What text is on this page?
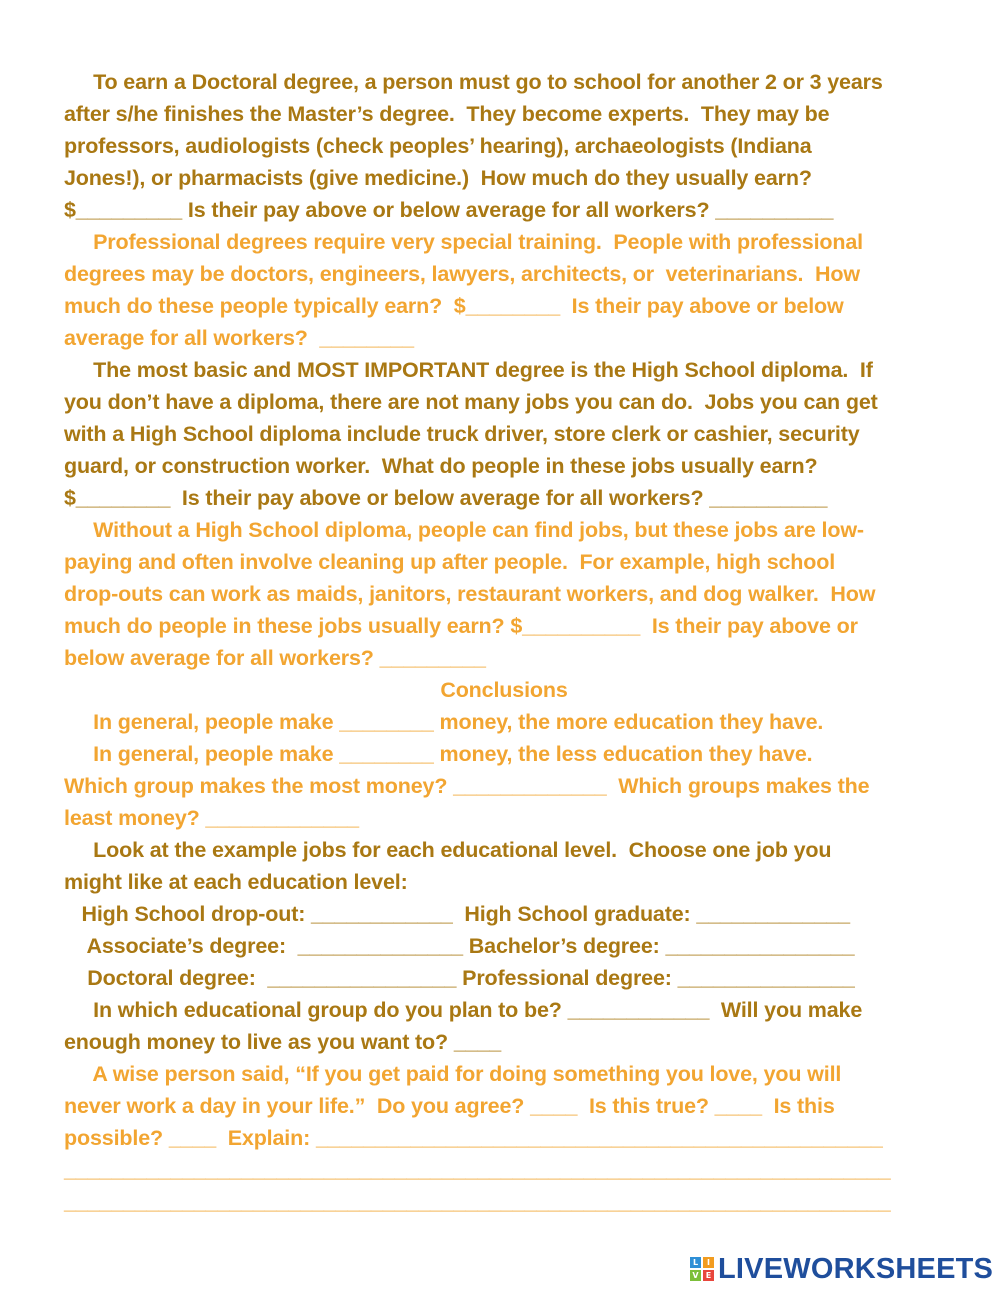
To earn a Doctoral degree, a person must go to school for another 2 or 3 years
after s/he finishes the Master’s degree.  They become experts.  They may be
professors, audiologists (check peoples’ hearing), archaeologists (Indiana
Jones!), or pharmacists (give medicine.)  How much do they usually earn?
$_________ Is their pay above or below average for all workers? __________
Professional degrees require very special training.  People with professional
degrees may be doctors, engineers, lawyers, architects, or  veterinarians.  How
much do these people typically earn?  $________  Is their pay above or below
average for all workers?  ________
The most basic and MOST IMPORTANT degree is the High School diploma.  If
you don’t have a diploma, there are not many jobs you can do.  Jobs you can get
with a High School diploma include truck driver, store clerk or cashier, security
guard, or construction worker.  What do people in these jobs usually earn?
$________  Is their pay above or below average for all workers? __________
Without a High School diploma, people can find jobs, but these jobs are low-
paying and often involve cleaning up after people.  For example, high school
drop-outs can work as maids, janitors, restaurant workers, and dog walker.  How
much do people in these jobs usually earn? $__________  Is their pay above or
below average for all workers? _________
Conclusions
In general, people make ________ money, the more education they have.
In general, people make ________ money, the less education they have.
Which group makes the most money? _____________  Which groups makes the
least money? _____________
Look at the example jobs for each educational level.  Choose one job you
might like at each education level:
High School drop-out: ____________  High School graduate: _____________
Associate’s degree:  ______________ Bachelor’s degree: ________________
Doctoral degree:  ________________ Professional degree: _______________
In which educational group do you plan to be? ____________  Will you make
enough money to live as you want to? ____
A wise person said, “If you get paid for doing something you love, you will
never work a day in your life.”  Do you agree? ____  Is this true? ____  Is this
possible? ____  Explain: ________________________________________________
______________________________________________________________________
______________________________________________________________________
L	I
V E LIVEWORKSHEETS
